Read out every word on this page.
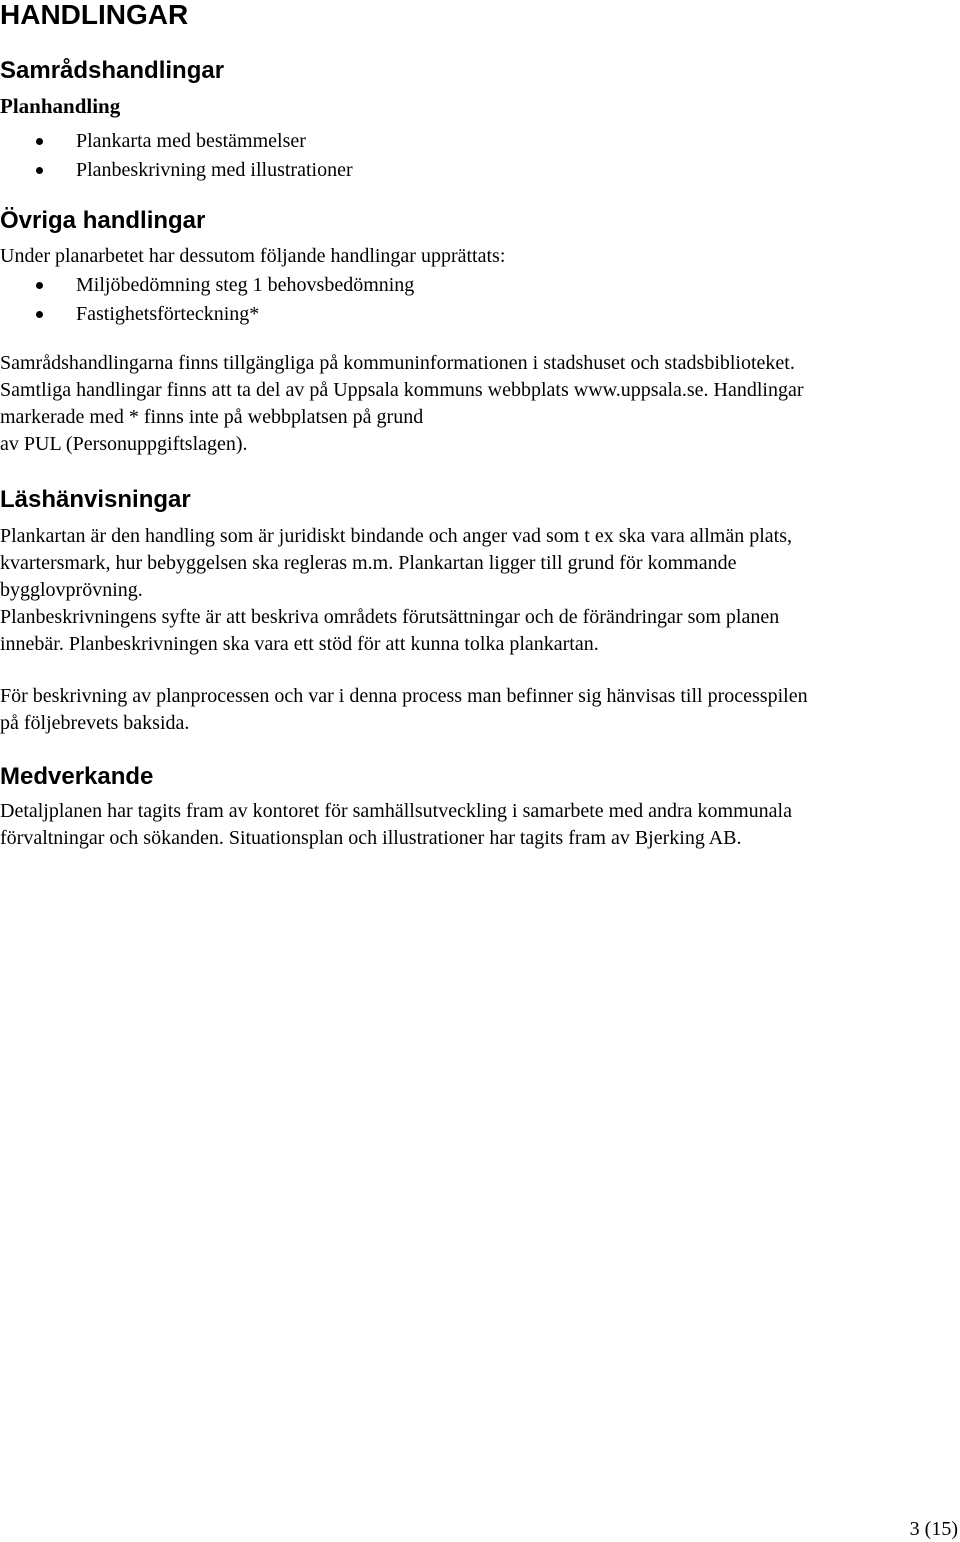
HANDLINGAR
Samrådshandlingar
Planhandling
Plankarta med bestämmelser
Planbeskrivning med illustrationer
Övriga handlingar

Under planarbetet har dessutom följande handlingar upprättats:

Miljöbedömning steg 1 behovsbedömning
Fastighetsförteckning*

Samrådshandlingarna finns tillgängliga på kommuninformationen i stadshuset och stadsbiblioteket.
Samtliga handlingar finns att ta del av på Uppsala kommuns webbplats www.uppsala.se. Handlingar
markerade med * finns inte på webbplatsen på grund
av PUL (Personuppgiftslagen).

Läshänvisningar

Plankartan är den handling som är juridiskt bindande och anger vad som t ex ska vara allmän plats,
kvartersmark, hur bebyggelsen ska regleras m.m. Plankartan ligger till grund för kommande
bygglovprövning.
Planbeskrivningens syfte är att beskriva områdets förutsättningar och de förändringar som planen
innebär. Planbeskrivningen ska vara ett stöd för att kunna tolka plankartan.

För beskrivning av planprocessen och var i denna process man befinner sig hänvisas till processpilen
på följebrevets baksida.

Medverkande

Detaljplanen har tagits fram av kontoret för samhällsutveckling i samarbete med andra kommunala
förvaltningar och sökanden. Situationsplan och illustrationer har tagits fram av Bjerking AB.

3 (15)
